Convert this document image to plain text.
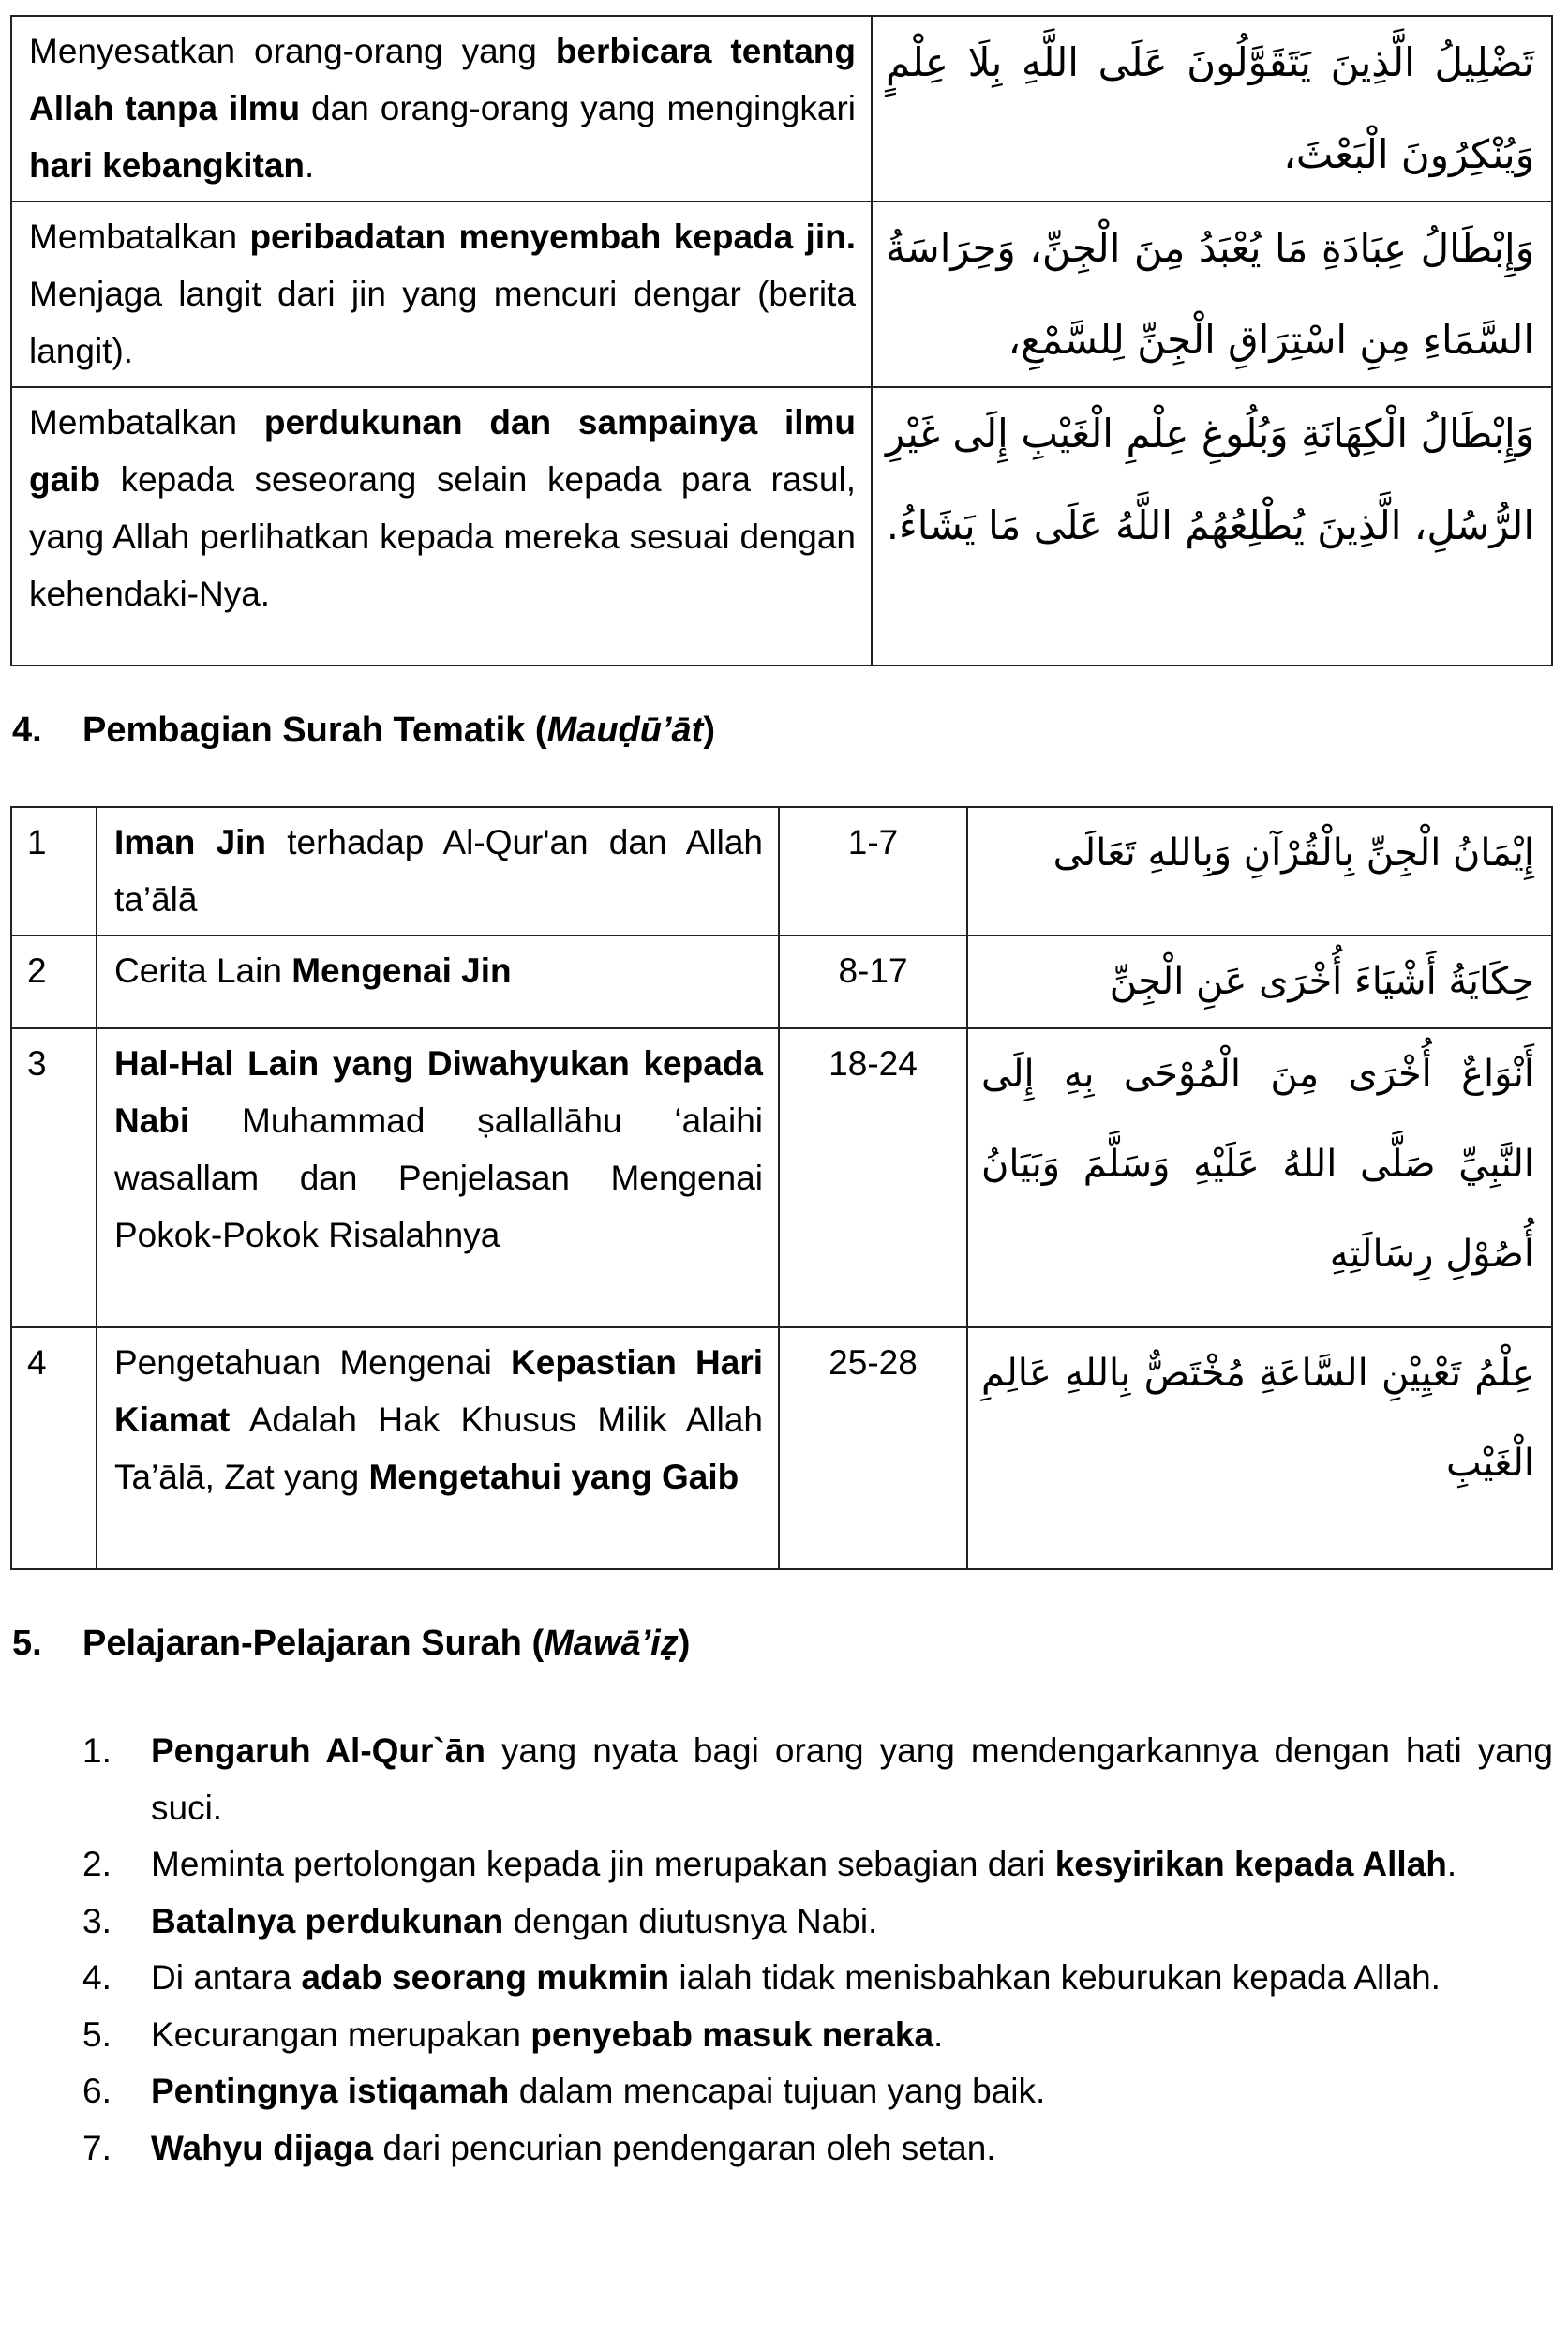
Menyesatkan orang-orang yang berbicara tentang Allah tanpa ilmu dan orang-orang yang mengingkari hari kebangkitan.	تَضْلِيلُ الَّذِينَ يَتَقَوَّلُونَ عَلَى اللَّهِ بِلَا عِلْمٍ وَيُنْكِرُونَ الْبَعْثَ،
Membatalkan peribadatan menyembah kepada jin. Menjaga langit dari jin yang mencuri dengar (berita langit).	وَإِبْطَالُ عِبَادَةِ مَا يُعْبَدُ مِنَ الْجِنِّ، وَحِرَاسَةُ السَّمَاءِ مِنِ اسْتِرَاقِ الْجِنِّ لِلسَّمْعِ،
Membatalkan perdukunan dan sampainya ilmu gaib kepada seseorang selain kepada para rasul, yang Allah perlihatkan kepada mereka sesuai dengan kehendaki-Nya.	وَإِبْطَالُ الْكِهَانَةِ وَبُلُوغِ عِلْمِ الْغَيْبِ إِلَى غَيْرِ الرُّسُلِ، الَّذِينَ يُطْلِعُهُمُ اللَّهُ عَلَى مَا يَشَاءُ.
4. Pembagian Surah Tematik (Mauḍū’āt)
1	Iman Jin terhadap Al-Qur'an dan Allah ta’ālā	1-7	إِيْمَانُ الْجِنِّ بِالْقُرْآنِ وَبِاللهِ تَعَالَى
2	Cerita Lain Mengenai Jin	8-17	حِكَايَةُ أَشْيَاءَ أُخْرَى عَنِ الْجِنِّ
3	Hal-Hal Lain yang Diwahyukan kepada Nabi Muhammad ṣallallāhu ‘alaihi wasallam dan Penjelasan Mengenai Pokok-Pokok Risalahnya	18-24	أَنْوَاعٌ أُخْرَى مِنَ الْمُوْحَى بِهِ إِلَى النَّبِيِّ صَلَّى اللهُ عَلَيْهِ وَسَلَّمَ وَبَيَانُ أُصُوْلِ رِسَالَتِهِ
4	Pengetahuan Mengenai Kepastian Hari Kiamat Adalah Hak Khusus Milik Allah Ta’ālā, Zat yang Mengetahui yang Gaib	25-28	عِلْمُ تَعْيِيْنِ السَّاعَةِ مُخْتَصٌّ بِاللهِ عَالِمِ الْغَيْبِ
5. Pelajaran-Pelajaran Surah (Mawā’iẓ)
1. Pengaruh Al-Qur`ān yang nyata bagi orang yang mendengarkannya dengan hati yang suci.
2. Meminta pertolongan kepada jin merupakan sebagian dari kesyirikan kepada Allah.
3. Batalnya perdukunan dengan diutusnya Nabi.
4. Di antara adab seorang mukmin ialah tidak menisbahkan keburukan kepada Allah.
5. Kecurangan merupakan penyebab masuk neraka.
6. Pentingnya istiqamah dalam mencapai tujuan yang baik.
7. Wahyu dijaga dari pencurian pendengaran oleh setan.
